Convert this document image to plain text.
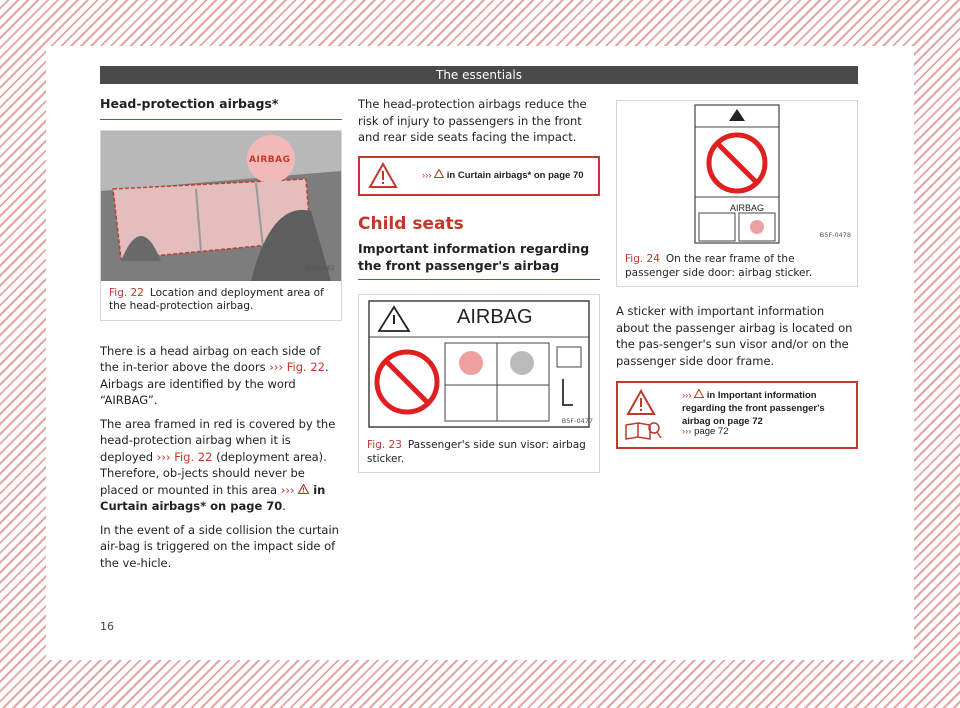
The essentials
Head-protection airbags*
AIRBAG
B4J-0482
Fig. 22 Location and deployment area of the head-protection airbag.

There is a head airbag on each side of the in-terior above the doors ››› Fig. 22. Airbags are identified by the word “AIRBAG”.

The area framed in red is covered by the head-protection airbag when it is deployed ››› Fig. 22 (deployment area). Therefore, ob-jects should never be placed or mounted in this area ›››  in Curtain airbags* on page 70.

In the event of a side collision the curtain air-bag is triggered on the impact side of the ve-hicle.

The head-protection airbags reduce the risk of injury to passengers in the front and rear side seats facing the impact.

›››  in Curtain airbags* on page 70
Child seats
Important information regarding the front passenger's airbag
AIRBAG
B5F-0477
Fig. 23 Passenger's side sun visor: airbag sticker.
AIRBAG
B5F-0478
Fig. 24 On the rear frame of the passenger side door: airbag sticker.

A sticker with important information about the passenger airbag is located on the pas-senger's sun visor and/or on the passenger side door frame.

›››  in Important information regarding the front passenger's airbag on page 72
››› page 72
16
